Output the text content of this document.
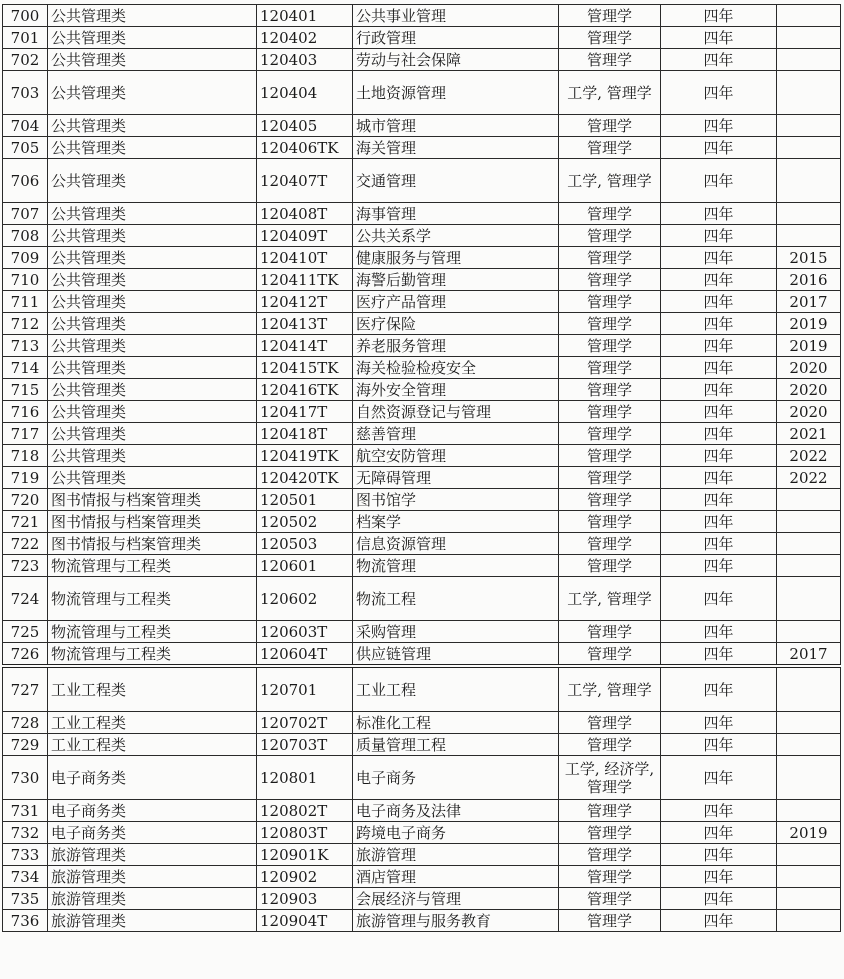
700	公共管理类	120401	公共事业管理	管理学	四年	
701	公共管理类	120402	行政管理	管理学	四年	
702	公共管理类	120403	劳动与社会保障	管理学	四年	
703	公共管理类	120404	土地资源管理	工学, 管理学	四年	
704	公共管理类	120405	城市管理	管理学	四年	
705	公共管理类	120406TK	海关管理	管理学	四年	
706	公共管理类	120407T	交通管理	工学, 管理学	四年	
707	公共管理类	120408T	海事管理	管理学	四年	
708	公共管理类	120409T	公共关系学	管理学	四年	
709	公共管理类	120410T	健康服务与管理	管理学	四年	2015
710	公共管理类	120411TK	海警后勤管理	管理学	四年	2016
711	公共管理类	120412T	医疗产品管理	管理学	四年	2017
712	公共管理类	120413T	医疗保险	管理学	四年	2019
713	公共管理类	120414T	养老服务管理	管理学	四年	2019
714	公共管理类	120415TK	海关检验检疫安全	管理学	四年	2020
715	公共管理类	120416TK	海外安全管理	管理学	四年	2020
716	公共管理类	120417T	自然资源登记与管理	管理学	四年	2020
717	公共管理类	120418T	慈善管理	管理学	四年	2021
718	公共管理类	120419TK	航空安防管理	管理学	四年	2022
719	公共管理类	120420TK	无障碍管理	管理学	四年	2022
720	图书情报与档案管理类	120501	图书馆学	管理学	四年	
721	图书情报与档案管理类	120502	档案学	管理学	四年	
722	图书情报与档案管理类	120503	信息资源管理	管理学	四年	
723	物流管理与工程类	120601	物流管理	管理学	四年	
724	物流管理与工程类	120602	物流工程	工学, 管理学	四年	
725	物流管理与工程类	120603T	采购管理	管理学	四年	
726	物流管理与工程类	120604T	供应链管理	管理学	四年	2017
727	工业工程类	120701	工业工程	工学, 管理学	四年	
728	工业工程类	120702T	标准化工程	管理学	四年	
729	工业工程类	120703T	质量管理工程	管理学	四年	
730	电子商务类	120801	电子商务	工学, 经济学, 管理学	四年	
731	电子商务类	120802T	电子商务及法律	管理学	四年	
732	电子商务类	120803T	跨境电子商务	管理学	四年	2019
733	旅游管理类	120901K	旅游管理	管理学	四年	
734	旅游管理类	120902	酒店管理	管理学	四年	
735	旅游管理类	120903	会展经济与管理	管理学	四年	
736	旅游管理类	120904T	旅游管理与服务教育	管理学	四年	
